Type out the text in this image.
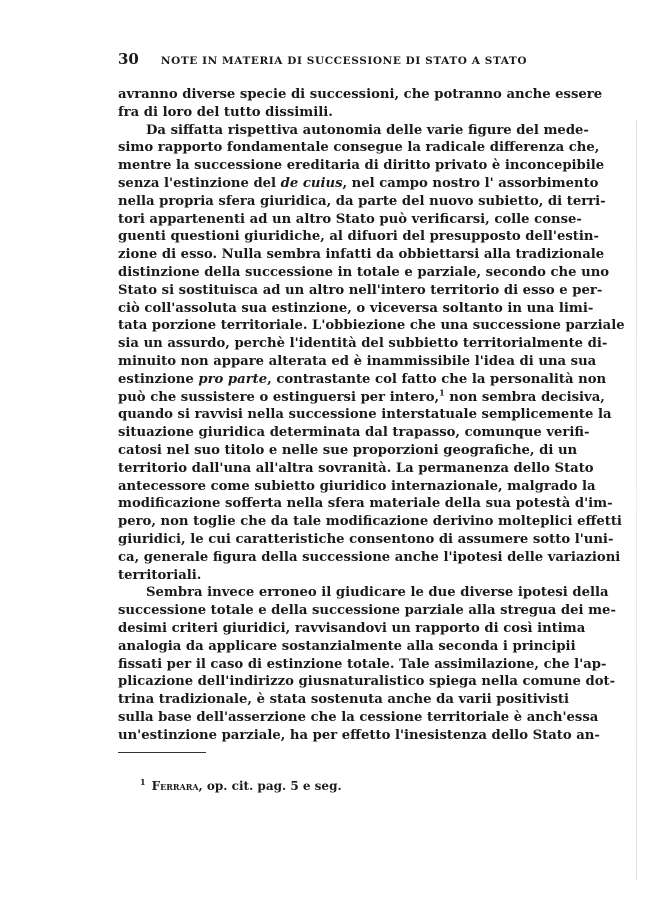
30 NOTE IN MATERIA DI SUCCESSIONE DI STATO A STATO
avranno diverse specie di successioni, che potranno anche essere
fra di loro del tutto dissimili.
Da siffatta rispettiva autonomia delle varie figure del mede-
simo rapporto fondamentale consegue la radicale differenza che,
mentre la successione ereditaria di diritto privato è inconcepibile
senza l'estinzione del de cuius, nel campo nostro l' assorbimento
nella propria sfera giuridica, da parte del nuovo subietto, di terri-
tori appartenenti ad un altro Stato può verificarsi, colle conse-
guenti questioni giuridiche, al difuori del presupposto dell'estin-
zione di esso. Nulla sembra infatti da obbiettarsi alla tradizionale
distinzione della successione in totale e parziale, secondo che uno
Stato si sostituisca ad un altro nell'intero territorio di esso e per-
ciò coll'assoluta sua estinzione, o viceversa soltanto in una limi-
tata porzione territoriale. L'obbiezione che una successione parziale
sia un assurdo, perchè l'identità del subbietto territorialmente di-
minuito non appare alterata ed è inammissibile l'idea di una sua
estinzione pro parte, contrastante col fatto che la personalità non
può che sussistere o estinguersi per intero,$^1$ non sembra decisiva,
quando si ravvisi nella successione interstatuale semplicemente la
situazione giuridica determinata dal trapasso, comunque verifi-
catosi nel suo titolo e nelle sue proporzioni geografiche, di un
territorio dall'una all'altra sovranità. La permanenza dello Stato
antecessore come subietto giuridico internazionale, malgrado la
modificazione sofferta nella sfera materiale della sua potestà d'im-
pero, non toglie che da tale modificazione derivino molteplici effetti
giuridici, le cui caratteristiche consentono di assumere sotto l'uni-
ca, generale figura della successione anche l'ipotesi delle variazioni
territoriali.
Sembra invece erroneo il giudicare le due diverse ipotesi della
successione totale e della successione parziale alla stregua dei me-
desimi criteri giuridici, ravvisandovi un rapporto di così intima
analogia da applicare sostanzialmente alla seconda i principii
fissati per il caso di estinzione totale. Tale assimilazione, che l'ap-
plicazione dell'indirizzo giusnaturalistico spiega nella comune dot-
trina tradizionale, è stata sostenuta anche da varii positivisti
sulla base dell'asserzione che la cessione territoriale è anch'essa
un'estinzione parziale, ha per effetto l'inesistenza dello Stato an-
$^1$ Ferrara, op. cit. pag. 5 e seg.
